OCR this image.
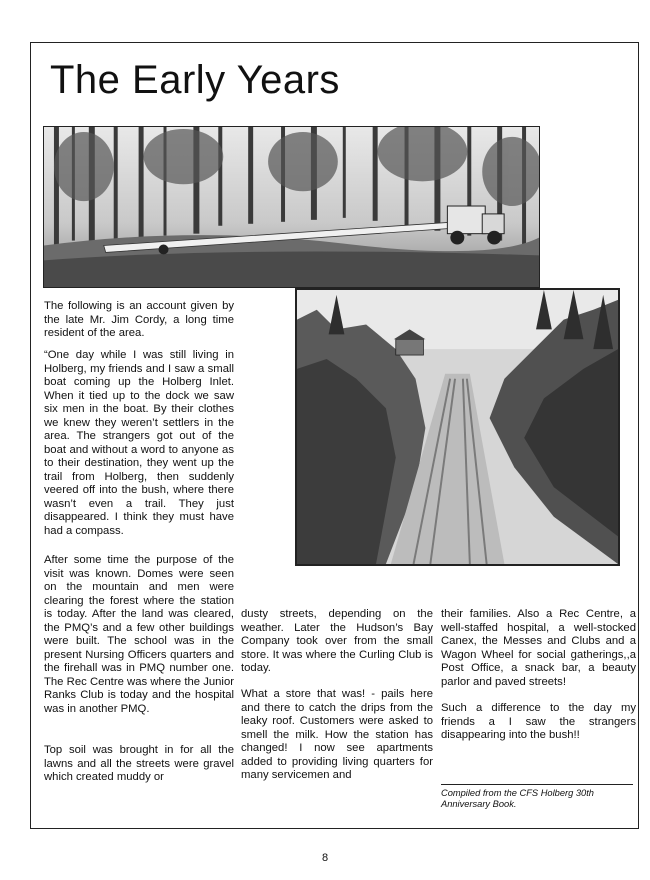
The Early Years

The following is an account given by the late Mr. Jim Cordy, a long time resident of the area.

“One day while I was still living in Holberg, my friends and I saw a small boat coming up the Holberg Inlet. When it tied up to the dock we saw six men in the boat. By their clothes we knew they weren’t settlers in the area. The strangers got out of the boat and without a word to anyone as to their destination, they went up the trail from Holberg, then suddenly veered off into the bush, where there wasn’t even a trail. They just disappeared. I think they must have had a compass.

After some time the purpose of the visit was known. Domes were seen on the mountain and men were clearing the forest where the station is today. After the land was cleared, the PMQ’s and a few other buildings were built. The school was in the present Nursing Officers quarters and the firehall was in PMQ number one. The Rec Centre was where the Junior Ranks Club is today and the hospital was in another PMQ.

Top soil was brought in for all the lawns and all the streets were gravel which created muddy or

dusty streets, depending on the weather. Later the Hudson’s Bay Company took over from the small store. It was where the Curling Club is today.

What a store that was! - pails here and there to catch the drips from the leaky roof. Customers were asked to smell the milk. How the station has changed! I now see apartments added to providing living quarters for many servicemen and

their families. Also a Rec Centre, a well-staffed hospital, a well-stocked Canex, the Messes and Clubs and a Wagon Wheel for social gatherings,,a Post Office, a snack bar, a beauty parlor and paved streets!

Such a difference to the day my friends a I saw the strangers disappearing into the bush!!

Compiled from the CFS Holberg 30th Anniversary Book.

8
